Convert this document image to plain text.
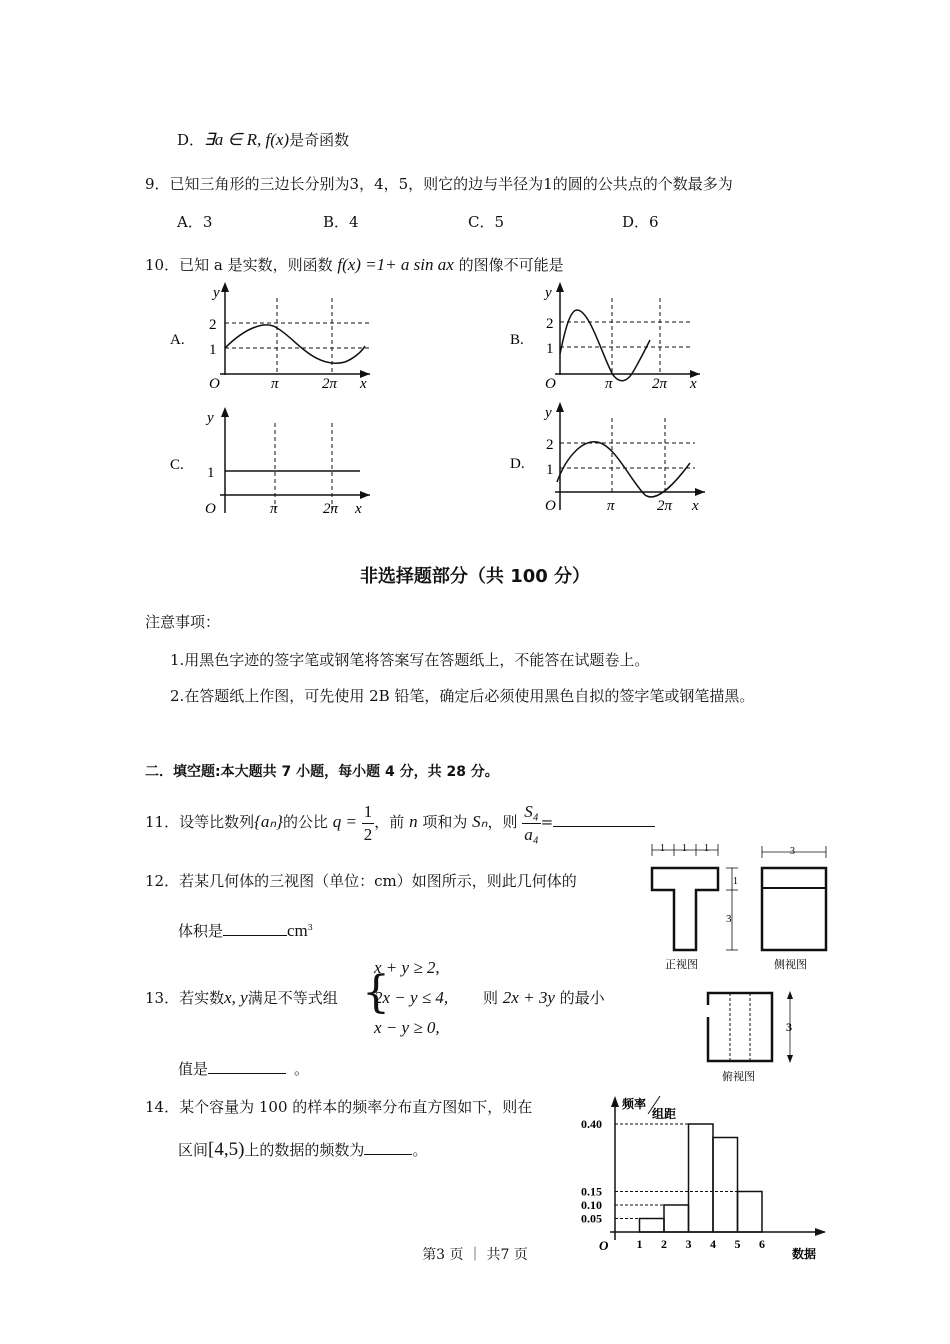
D．∃a ∈ R, f(x)是奇函数
9．已知三角形的三边长分别为3，4，5，则它的边与半径为1的圆的公共点的个数最多为
A．3	B．4	C．5	D．6
10．已知 a 是实数，则函数 f(x) =1+ a sin ax 的图像不可能是
A.
y
x
O
2
1
π	2π
B.
y
x
O
2
1
π	2π
C.
y
x
O
1
π	2π
D.
y
x
O
2
1
π	2π
非选择题部分（共 100 分）
注意事项：
1.用黑色字迹的签字笔或钢笔将答案写在答题纸上，不能答在试题卷上。
2.在答题纸上作图，可先使用 2B 铅笔，确定后必须使用黑色自拟的签字笔或钢笔描黑。
二．填空题:本大题共 7 小题，每小题 4 分，共 28 分。
11．设等比数列{aₙ}的公比 $q = \frac{1}{2}$ ，前 n 项和为 Sₙ，则 $\frac{\text{S₄}}{\text{a₄}}$ =
12．若某几何体的三视图（单位：cm）如图所示，则此几何体的
体积是	$cm^3$
1 1 1
1
3
正视图
3
侧视图
3
俯视图
13．若实数x, y满足不等式组 {
x + y ≥ 2,
2x − y ≤ 4,
x − y ≥ 0,
则 2x + 3y 的最小
值是	。
14．某个容量为 100 的样本的频率分布直方图如下，则在
区间[4,5)上的数据的频数为	。
频率
组距
O
数据
0.40
0.15
0.10
0.05
1 2 3 4 5 6
第3 页 ｜ 共7 页
